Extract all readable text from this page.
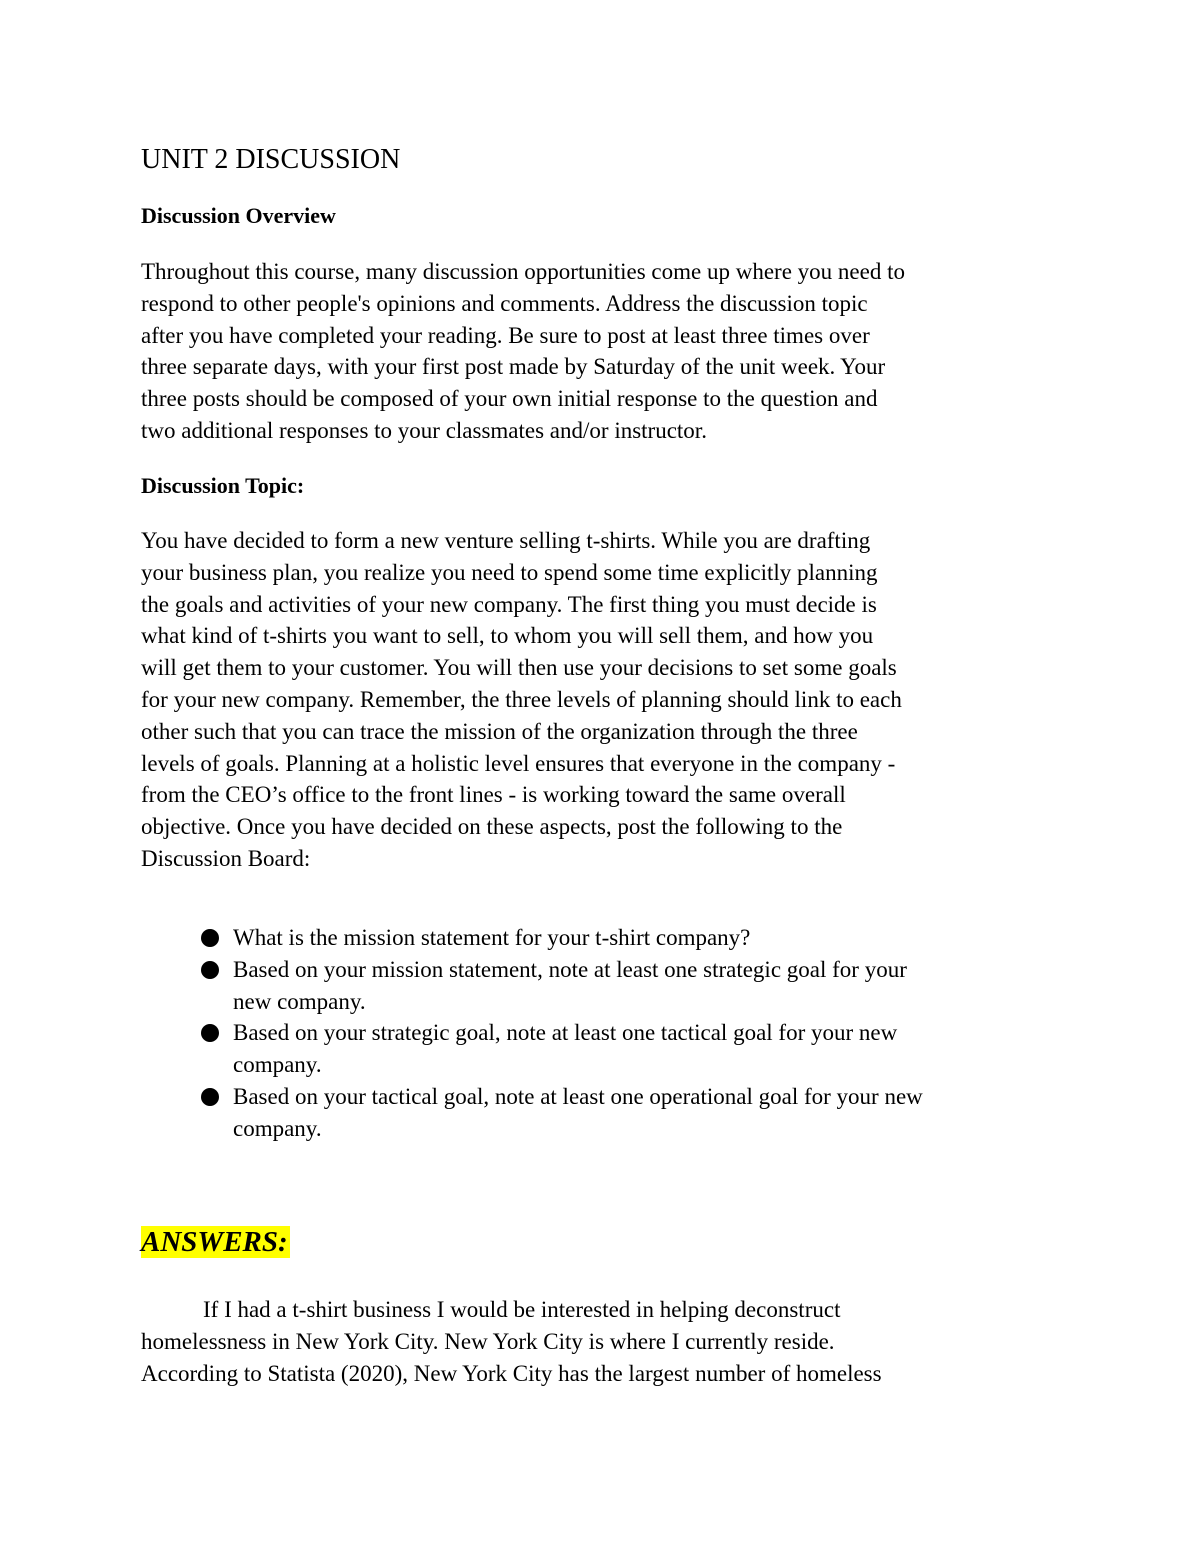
UNIT 2 DISCUSSION
Discussion Overview

Throughout this course, many discussion opportunities come up where you need to
respond to other people's opinions and comments. Address the discussion topic
after you have completed your reading. Be sure to post at least three times over
three separate days, with your first post made by Saturday of the unit week. Your
three posts should be composed of your own initial response to the question and
two additional responses to your classmates and/or instructor.

Discussion Topic:

You have decided to form a new venture selling t-shirts. While you are drafting
your business plan, you realize you need to spend some time explicitly planning
the goals and activities of your new company. The first thing you must decide is
what kind of t-shirts you want to sell, to whom you will sell them, and how you
will get them to your customer. You will then use your decisions to set some goals
for your new company. Remember, the three levels of planning should link to each
other such that you can trace the mission of the organization through the three
levels of goals. Planning at a holistic level ensures that everyone in the company -
from the CEO’s office to the front lines - is working toward the same overall
objective. Once you have decided on these aspects, post the following to the
Discussion Board:

What is the mission statement for your t-shirt company?
Based on your mission statement, note at least one strategic goal for your
new company.
Based on your strategic goal, note at least one tactical goal for your new
company.
Based on your tactical goal, note at least one operational goal for your new
company.
ANSWERS:

If I had a t-shirt business I would be interested in helping deconstruct
homelessness in New York City. New York City is where I currently reside.
According to Statista (2020), New York City has the largest number of homeless
